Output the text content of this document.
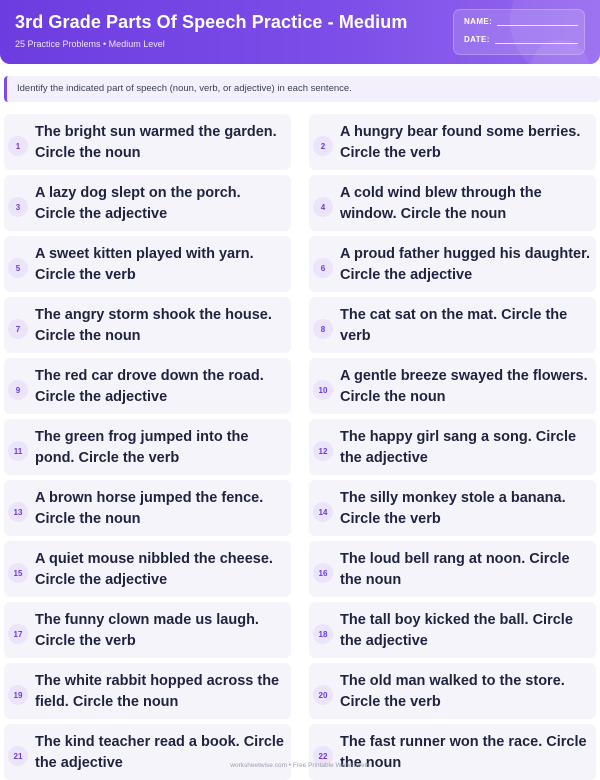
3rd Grade Parts Of Speech Practice - Medium
25 Practice Problems • Medium Level
NAME:
DATE:
Identify the indicated part of speech (noun, verb, or adjective) in each sentence.
1
The bright sun warmed the garden. Circle the noun	2
A hungry bear found some berries. Circle the verb
3
A lazy dog slept on the porch. Circle the adjective	4
A cold wind blew through the window. Circle the noun
5
A sweet kitten played with yarn. Circle the verb	6
A proud father hugged his daughter. Circle the adjective
7
The angry storm shook the house. Circle the noun	8
The cat sat on the mat. Circle the verb
9
The red car drove down the road. Circle the adjective	10
A gentle breeze swayed the flowers. Circle the noun
11
The green frog jumped into the pond. Circle the verb	12
The happy girl sang a song. Circle the adjective
13
A brown horse jumped the fence. Circle the noun	14
The silly monkey stole a banana. Circle the verb
15
A quiet mouse nibbled the cheese. Circle the adjective	16
The loud bell rang at noon. Circle the noun
17
The funny clown made us laugh. Circle the verb	18
The tall boy kicked the ball. Circle the adjective
19
The white rabbit hopped across the field. Circle the noun	20
The old man walked to the store. Circle the verb
21
The kind teacher read a book. Circle the adjective	22
The fast runner won the race. Circle the noun
worksheetwise.com • Free Printable Worksheets
